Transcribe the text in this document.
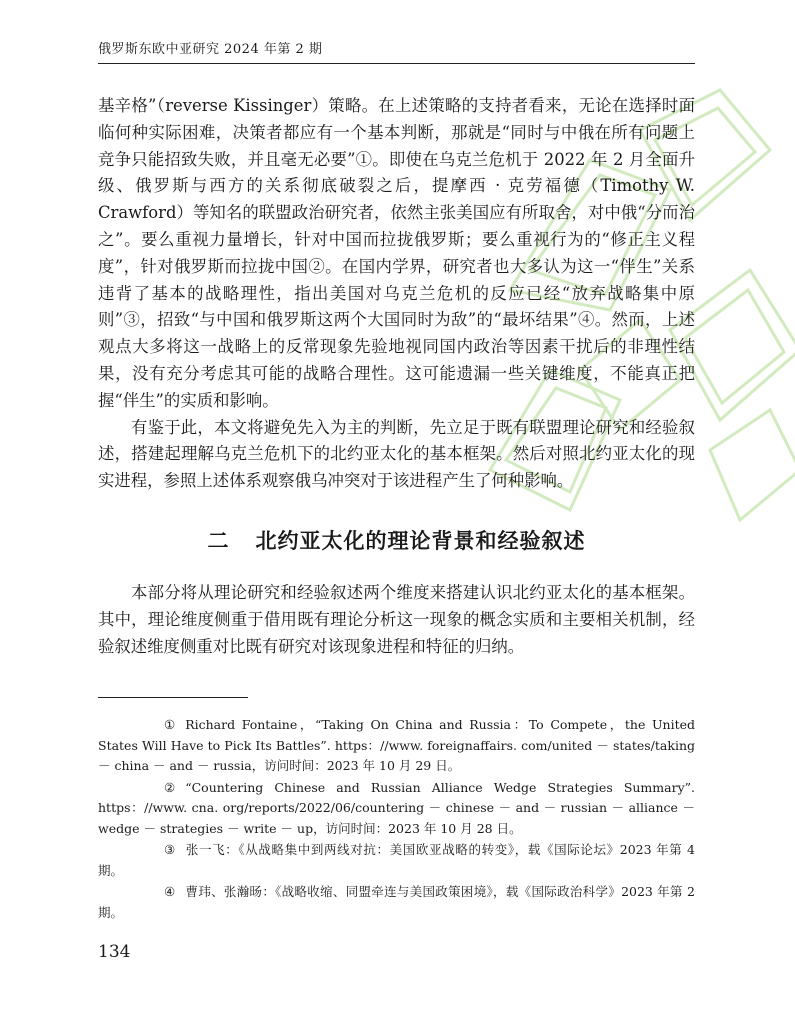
俄罗斯东欧中亚研究 2024 年第 2 期

基辛格”（reverse Kissinger）策略。在上述策略的支持者看来，无论在选择时面临何种实际困难，决策者都应有一个基本判断，那就是“同时与中俄在所有问题上竞争只能招致失败，并且毫无必要”①。即使在乌克兰危机于 2022 年 2 月全面升级、俄罗斯与西方的关系彻底破裂之后，提摩西 · 克劳福德（Timothy W. Crawford）等知名的联盟政治研究者，依然主张美国应有所取舍，对中俄“分而治之”。要么重视力量增长，针对中国而拉拢俄罗斯；要么重视行为的“修正主义程度”，针对俄罗斯而拉拢中国②。在国内学界，研究者也大多认为这一“伴生”关系违背了基本的战略理性，指出美国对乌克兰危机的反应已经“放弃战略集中原则”③，招致“与中国和俄罗斯这两个大国同时为敌”的“最坏结果”④。然而，上述观点大多将这一战略上的反常现象先验地视同国内政治等因素干扰后的非理性结果，没有充分考虑其可能的战略合理性。这可能遗漏一些关键维度，不能真正把握“伴生”的实质和影响。

有鉴于此，本文将避免先入为主的判断，先立足于既有联盟理论研究和经验叙述，搭建起理解乌克兰危机下的北约亚太化的基本框架。然后对照北约亚太化的现实进程，参照上述体系观察俄乌冲突对于该进程产生了何种影响。

二 北约亚太化的理论背景和经验叙述

本部分将从理论研究和经验叙述两个维度来搭建认识北约亚太化的基本框架。其中，理论维度侧重于借用既有理论分析这一现象的概念实质和主要相关机制，经验叙述维度侧重对比既有研究对该现象进程和特征的归纳。

① Richard Fontaine，“Taking On China and Russia：To Compete，the United States Will Have to Pick Its Battles”. https：//www. foreignaffairs. com/united － states/taking － china － and － russia，访问时间：2023 年 10 月 29 日。

② “Countering Chinese and Russian Alliance Wedge Strategies Summary”. https：//www. cna. org/reports/2022/06/countering － chinese － and － russian － alliance － wedge － strategies － write － up，访问时间：2023 年 10 月 28 日。

③ 张一飞：《从战略集中到两线对抗：美国欧亚战略的转变》，载《国际论坛》2023 年第 4 期。

④ 曹玮、张瀚旸：《战略收缩、同盟牵连与美国政策困境》，载《国际政治科学》2023 年第 2 期。

134
